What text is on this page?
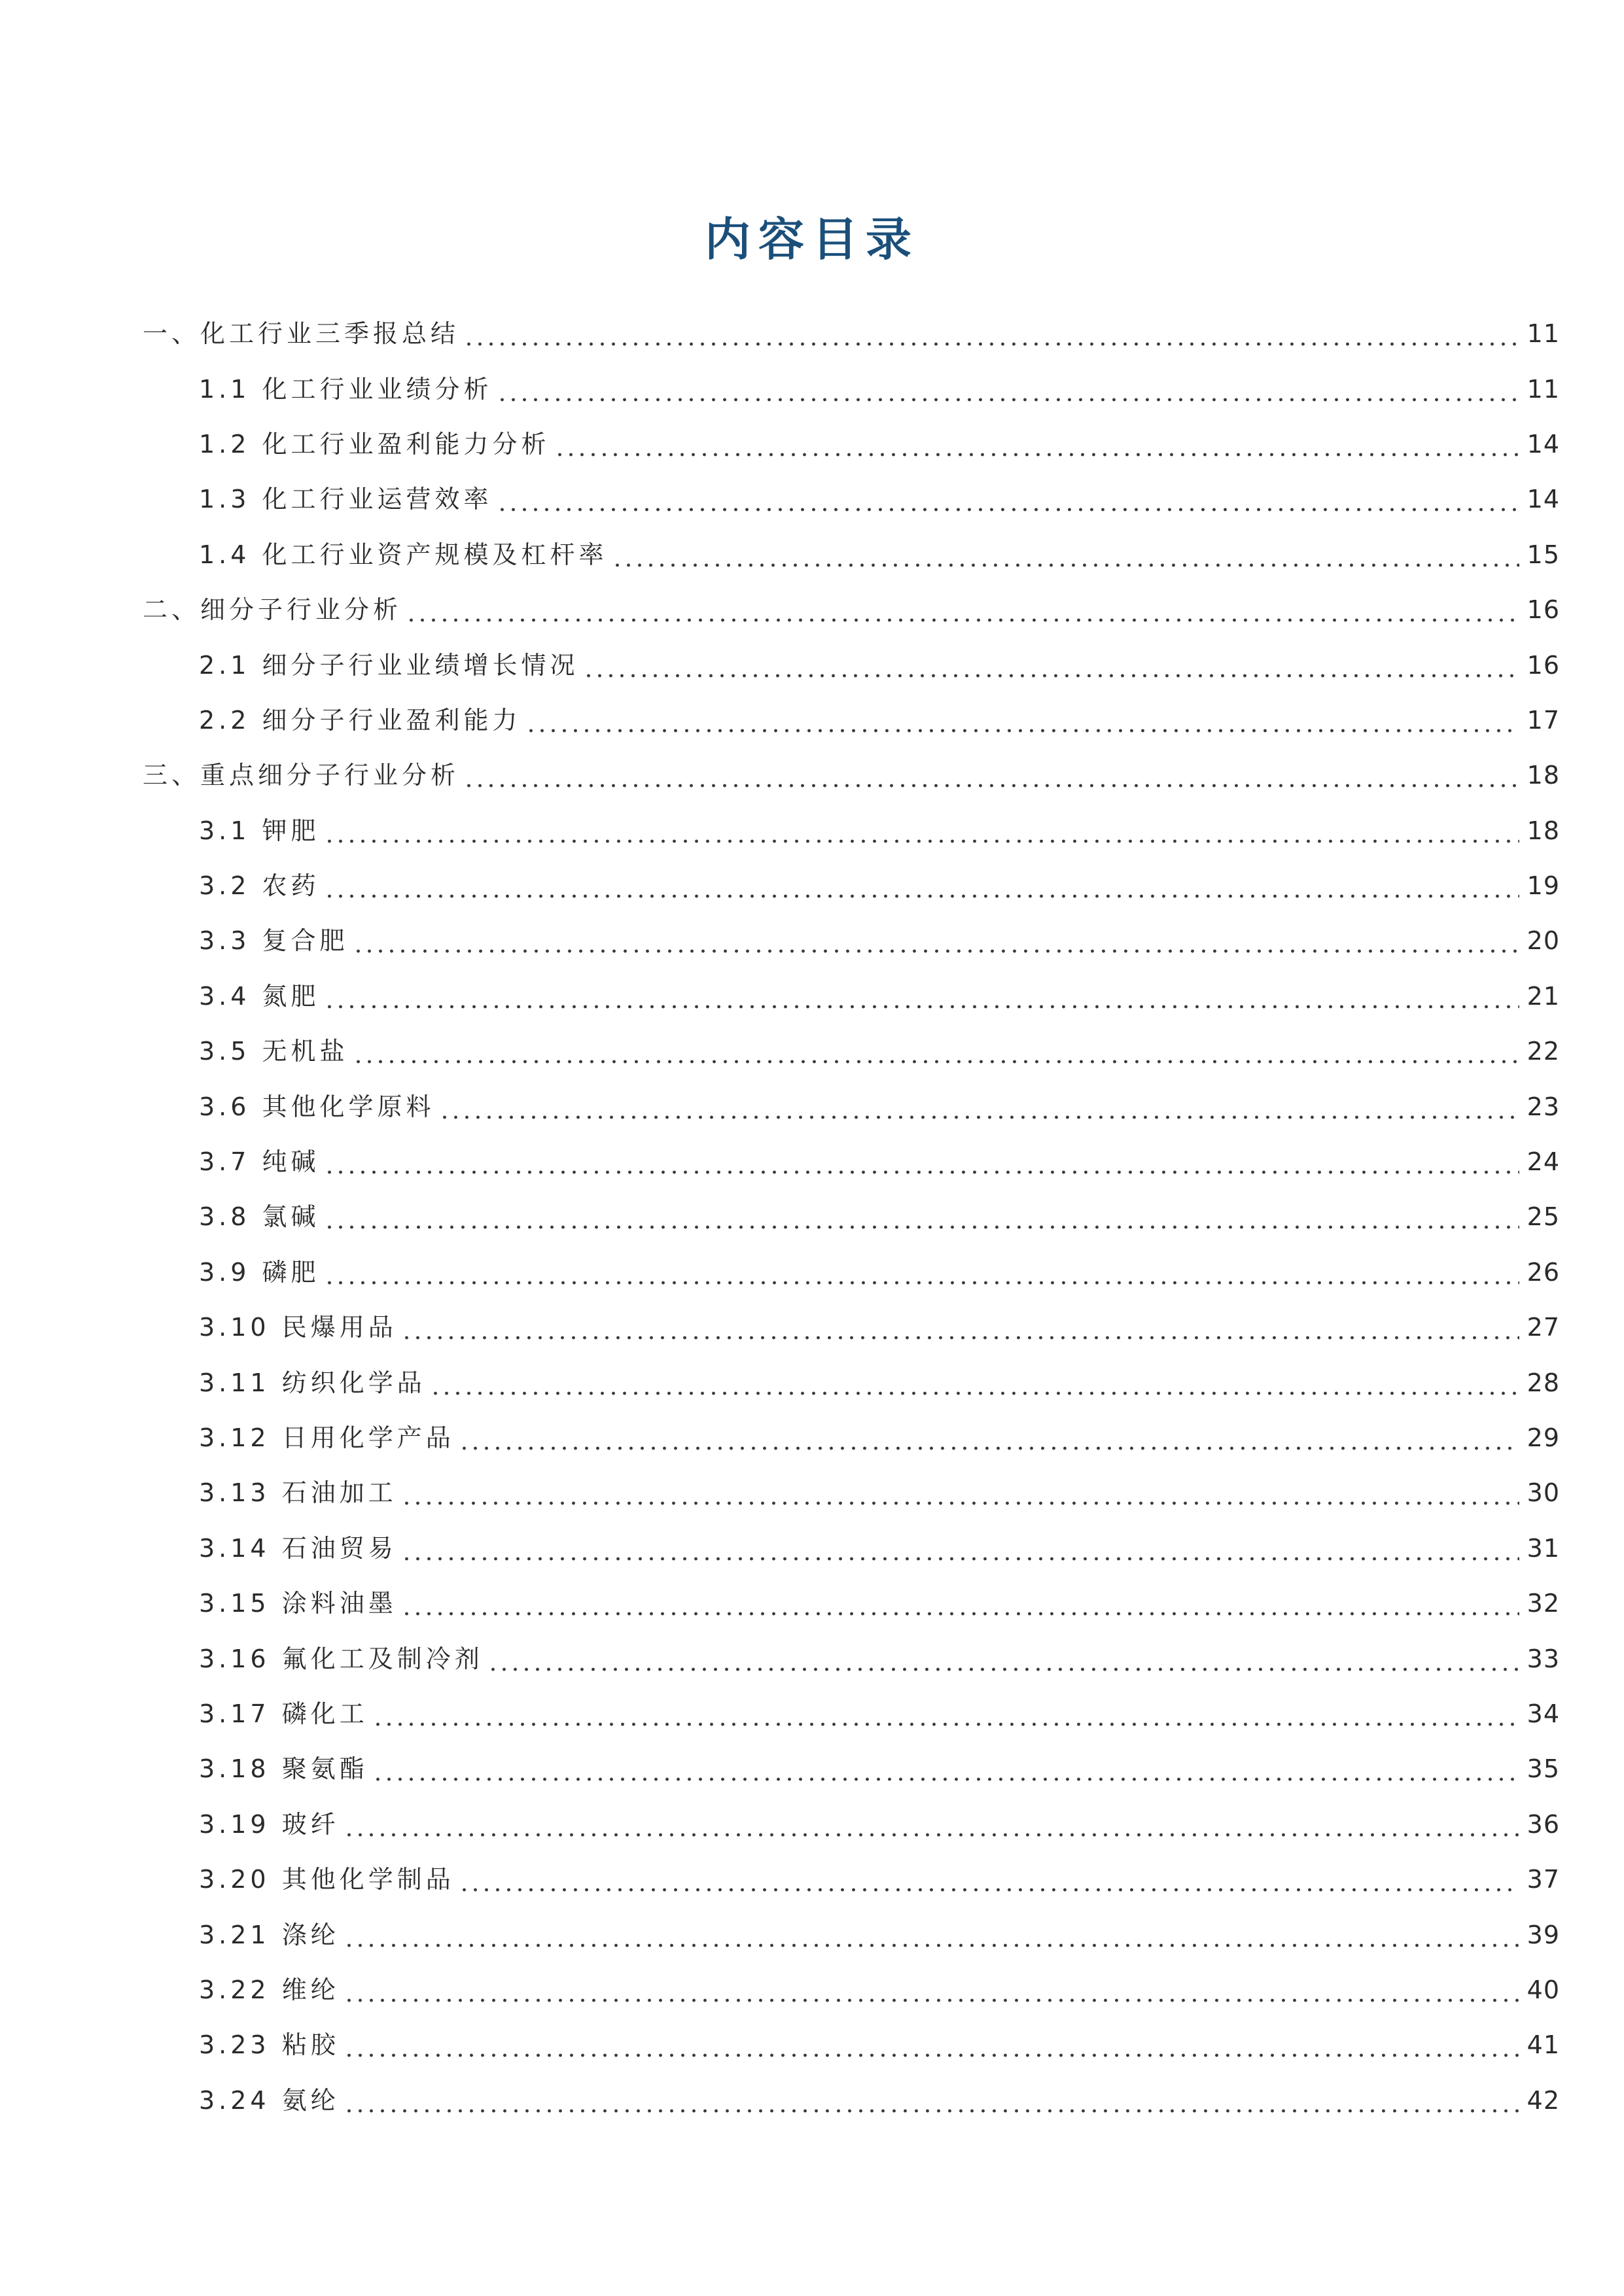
内容目录
一、化工行业三季报总结	11
1.1 化工行业业绩分析	11
1.2 化工行业盈利能力分析	14
1.3 化工行业运营效率	14
1.4 化工行业资产规模及杠杆率	15
二、细分子行业分析	16
2.1 细分子行业业绩增长情况	16
2.2 细分子行业盈利能力	17
三、重点细分子行业分析	18
3.1 钾肥	18
3.2 农药	19
3.3 复合肥	20
3.4 氮肥	21
3.5 无机盐	22
3.6 其他化学原料	23
3.7 纯碱	24
3.8 氯碱	25
3.9 磷肥	26
3.10 民爆用品	27
3.11 纺织化学品	28
3.12 日用化学产品	29
3.13 石油加工	30
3.14 石油贸易	31
3.15 涂料油墨	32
3.16 氟化工及制冷剂	33
3.17 磷化工	34
3.18 聚氨酯	35
3.19 玻纤	36
3.20 其他化学制品	37
3.21 涤纶	39
3.22 维纶	40
3.23 粘胶	41
3.24 氨纶	42
